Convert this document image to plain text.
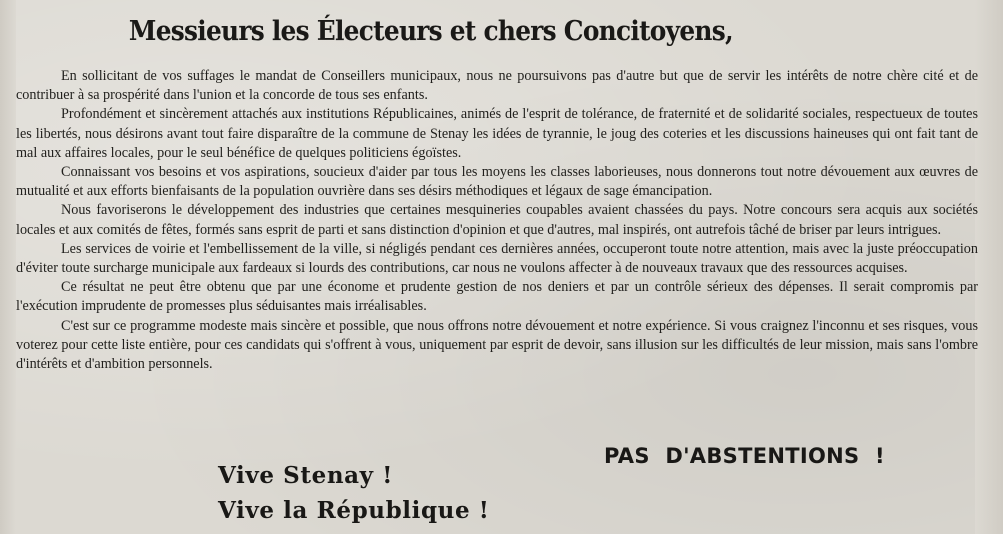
Messieurs les Électeurs et chers Concitoyens,

En sollicitant de vos suffages le mandat de Conseillers municipaux, nous ne poursuivons pas d'autre but que de servir les intérêts de notre chère cité et de contribuer à sa prospérité dans l'union et la concorde de tous ses enfants.

Profondément et sincèrement attachés aux institutions Républicaines, animés de l'esprit de tolérance, de fraternité et de solidarité sociales, respectueux de toutes les libertés, nous désirons avant tout faire disparaître de la commune de Stenay les idées de tyrannie, le joug des coteries et les discussions haineuses qui ont fait tant de mal aux affaires locales, pour le seul bénéfice de quelques politiciens égoïstes.

Connaissant vos besoins et vos aspirations, soucieux d'aider par tous les moyens les classes laborieuses, nous donnerons tout notre dévouement aux œuvres de mutualité et aux efforts bienfaisants de la population ouvrière dans ses désirs méthodiques et légaux de sage émancipation.

Nous favoriserons le développement des industries que certaines mesquineries coupables avaient chassées du pays. Notre concours sera acquis aux sociétés locales et aux comités de fêtes, formés sans esprit de parti et sans distinction d'opinion et que d'autres, mal inspirés, ont autrefois tâché de briser par leurs intrigues.

Les services de voirie et l'embellissement de la ville, si négligés pendant ces dernières années, occuperont toute notre attention, mais avec la juste préoccupation d'éviter toute surcharge municipale aux fardeaux si lourds des contributions, car nous ne voulons affecter à de nouveaux travaux que des ressources acquises.

Ce résultat ne peut être obtenu que par une économe et prudente gestion de nos deniers et par un contrôle sérieux des dépenses. Il serait compromis par l'exécution imprudente de promesses plus séduisantes mais irréalisables.

C'est sur ce programme modeste mais sincère et possible, que nous offrons notre dévouement et notre expérience. Si vous craignez l'inconnu et ses risques, vous voterez pour cette liste entière, pour ces candidats qui s'offrent à vous, uniquement par esprit de devoir, sans illusion sur les difficultés de leur mission, mais sans l'ombre d'intérêts et d'ambition personnels.

Vive Stenay !
Vive la République !
PAS D'ABSTENTIONS !
